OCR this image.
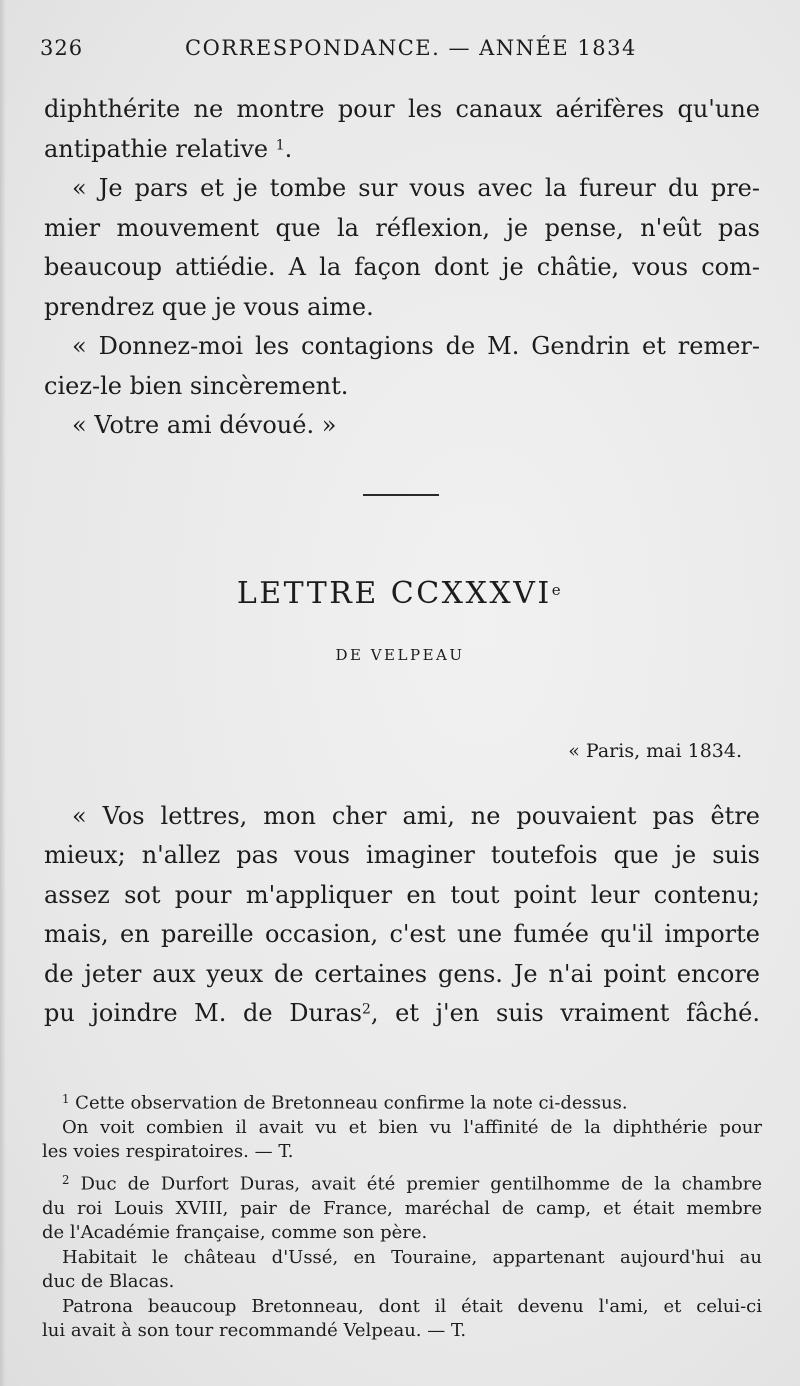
326	CORRESPONDANCE. — ANNÉE 1834

diphthérite ne montre pour les canaux aérifères qu'une
antipathie relative $^1$.

« Je pars et je tombe sur vous avec la fureur du pre-
mier mouvement que la réflexion, je pense, n'eût pas
beaucoup attiédie. A la façon dont je châtie, vous com-
prendrez que je vous aime.

« Donnez-moi les contagions de M. Gendrin et remer-
ciez-le bien sincèrement.

« Votre ami dévoué. »

LETTRE CCXXXVIe
DE VELPEAU
« Paris, mai 1834.

« Vos lettres, mon cher ami, ne pouvaient pas être
mieux; n'allez pas vous imaginer toutefois que je suis
assez sot pour m'appliquer en tout point leur contenu;
mais, en pareille occasion, c'est une fumée qu'il importe
de jeter aux yeux de certaines gens. Je n'ai point encore
pu joindre M. de Duras$^2$, et j'en suis vraiment fâché.

$^1$ Cette observation de Bretonneau confirme la note ci-dessus.
On voit combien il avait vu et bien vu l'affinité de la diphthérie pour
les voies respiratoires. — T.

$^2$ Duc de Durfort Duras, avait été premier gentilhomme de la chambre
du roi Louis XVIII, pair de France, maréchal de camp, et était membre
de l'Académie française, comme son père.
Habitait le château d'Ussé, en Touraine, appartenant aujourd'hui au
duc de Blacas.
Patrona beaucoup Bretonneau, dont il était devenu l'ami, et celui-ci
lui avait à son tour recommandé Velpeau. — T.
